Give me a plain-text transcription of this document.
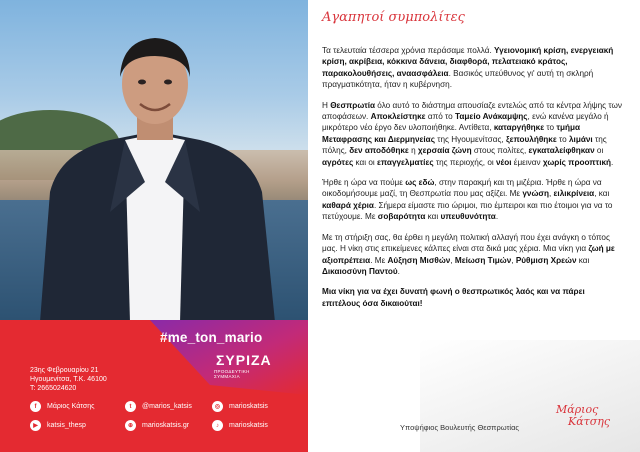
#me_ton_mario
ΣΥΡΙΖΑ
ΠΡΟΟΔΕΥΤΙΚΗ ΣΥΜΜΑΧΙΑ
23ης Φεβρουαρίου 21
Ηγουμενίτσα, Τ.Κ. 46100
Τ: 2665024620
f	Μάριος Κάτσης	t	@marios_katsis	◎	marioskatsis
▶	katsis_thesp	⊕	marioskatsis.gr	♪	marioskatsis
Αγαπητοί συμπολίτες

Τα τελευταία τέσσερα χρόνια περάσαμε πολλά. Υγειονομική κρίση, ενεργειακή κρίση, ακρίβεια, κόκκινα δάνεια, διαφθορά, πελατειακό κράτος, παρακολουθήσεις, αναασφάλεια. Βασικός υπεύθυνος γι' αυτή τη σκληρή πραγματικότητα, ήταν η κυβέρνηση.

Η Θεσπρωτία όλο αυτό το διάστημα απουσίαζε εντελώς από τα κέντρα λήψης των αποφάσεων. Αποκλείστηκε από το Ταμείο Ανάκαμψης, ενώ κανένα μεγάλο ή μικρότερο νέο έργο δεν υλοποιήθηκε. Αντίθετα, καταργήθηκε το τμήμα Μεταφρασης και Διερμηνείας της Ηγουμενίτσας, ξεπουλήθηκε το λιμάνι της πόλης, δεν αποδόθηκε η χερσαία ζώνη στους πολίτες, εγκαταλείφθηκαν οι αγρότες και οι επαγγελματίες της περιοχής, οι νέοι έμειναν χωρίς προοπτική.

Ήρθε η ώρα να πούμε ως εδώ, στην παρακμή και τη μιζέρια. Ήρθε η ώρα να οικοδομήσουμε μαζί, τη Θεσπρωτία που μας αξίζει. Με γνώση, ειλικρίνεια, και καθαρά χέρια. Σήμερα είμαστε πιο ώριμοι, πιο έμπειροι και πιο έτοιμοι για να το πετύχουμε. Με σοβαρότητα και υπευθυνότητα.

Με τη στήριξη σας, θα έρθει η μεγάλη πολιτική αλλαγή που έχει ανάγκη ο τόπος μας. Η νίκη στις επικείμενες κάλπες είναι στα δικά μας χέρια. Μια νίκη για ζωή με αξιοπρέπεια. Με Αύξηση Μισθών, Μείωση Τιμών, Ρύθμιση Χρεών και Δικαιοσύνη Παντού.

Μια νίκη για να έχει δυνατή φωνή ο θεσπρωτικός λαός και να πάρει επιτέλους όσα δικαιούται!

Υποψήφιος Βουλευτής Θεσπρωτίας
Μάριος
Κάτσης
